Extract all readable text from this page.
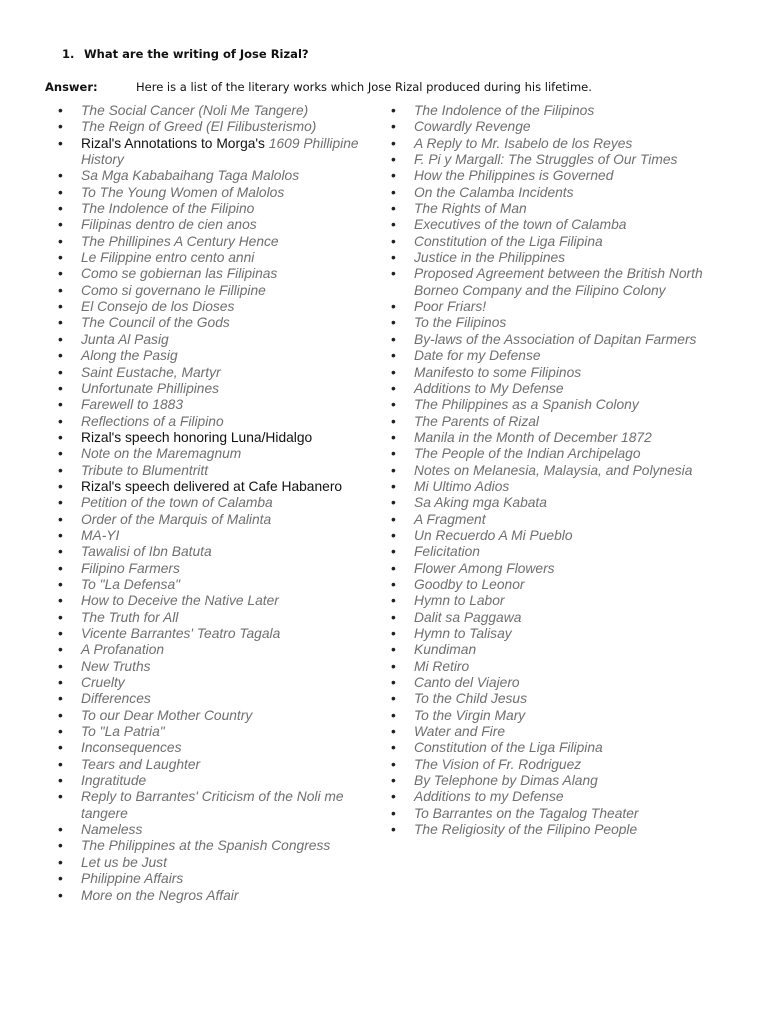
1. What are the writing of Jose Rizal?
Answer:	Here is a list of the literary works which Jose Rizal produced during his lifetime.
• The Social Cancer (Noli Me Tangere)
• The Reign of Greed (El Filibusterismo)
• Rizal's Annotations to Morga's 1609 Phillipine History
• Sa Mga Kababaihang Taga Malolos
• To The Young Women of Malolos
• The Indolence of the Filipino
• Filipinas dentro de cien anos
• The Phillipines A Century Hence
• Le Filippine entro cento anni
• Como se gobiernan las Filipinas
• Como si governano le Fillipine
• El Consejo de los Dioses
• The Council of the Gods
• Junta Al Pasig
• Along the Pasig
• Saint Eustache, Martyr
• Unfortunate Phillipines
• Farewell to 1883
• Reflections of a Filipino
• Rizal's speech honoring Luna/Hidalgo
• Note on the Maremagnum
• Tribute to Blumentritt
• Rizal's speech delivered at Cafe Habanero
• Petition of the town of Calamba
• Order of the Marquis of Malinta
• MA-YI
• Tawalisi of Ibn Batuta
• Filipino Farmers
• To "La Defensa"
• How to Deceive the Native Later
• The Truth for All
• Vicente Barrantes' Teatro Tagala
• A Profanation
• New Truths
• Cruelty
• Differences
• To our Dear Mother Country
• To "La Patria"
• Inconsequences
• Tears and Laughter
• Ingratitude
• Reply to Barrantes' Criticism of the Noli me tangere
• Nameless
• The Philippines at the Spanish Congress
• Let us be Just
• Philippine Affairs
• More on the Negros Affair
• The Indolence of the Filipinos
• Cowardly Revenge
• A Reply to Mr. Isabelo de los Reyes
• F. Pi y Margall: The Struggles of Our Times
• How the Philippines is Governed
• On the Calamba Incidents
• The Rights of Man
• Executives of the town of Calamba
• Constitution of the Liga Filipina
• Justice in the Philippines
• Proposed Agreement between the British North Borneo Company and the Filipino Colony
• Poor Friars!
• To the Filipinos
• By-laws of the Association of Dapitan Farmers
• Date for my Defense
• Manifesto to some Filipinos
• Additions to My Defense
• The Philippines as a Spanish Colony
• The Parents of Rizal
• Manila in the Month of December 1872
• The People of the Indian Archipelago
• Notes on Melanesia, Malaysia, and Polynesia
• Mi Ultimo Adios
• Sa Aking mga Kabata
• A Fragment
• Un Recuerdo A Mi Pueblo
• Felicitation
• Flower Among Flowers
• Goodby to Leonor
• Hymn to Labor
• Dalit sa Paggawa
• Hymn to Talisay
• Kundiman
• Mi Retiro
• Canto del Viajero
• To the Child Jesus
• To the Virgin Mary
• Water and Fire
• Constitution of the Liga Filipina
• The Vision of Fr. Rodriguez
• By Telephone by Dimas Alang
• Additions to my Defense
• To Barrantes on the Tagalog Theater
• The Religiosity of the Filipino People
